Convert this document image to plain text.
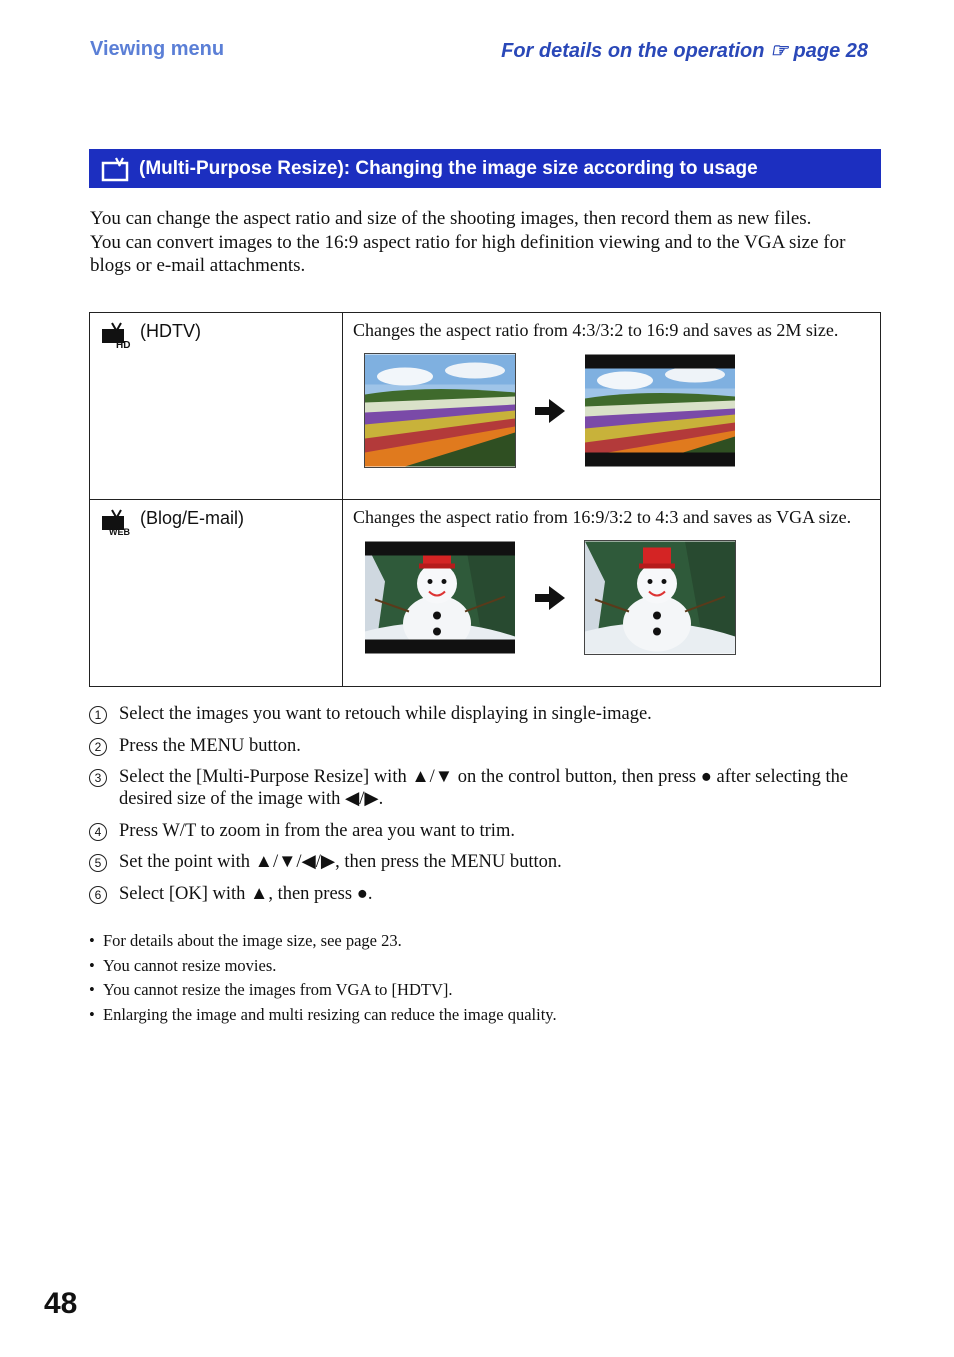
Viewing menu	For details on the operation ☞ page 28
(Multi-Purpose Resize): Changing the image size according to usage

You can change the aspect ratio and size of the shooting images, then record them as new files.

You can convert images to the 16:9 aspect ratio for high definition viewing and to the VGA size for blogs or e-mail attachments.

HD
(HDTV)	Changes the aspect ratio from 4:3/3:2 to 16:9 and saves as 2M size.

WEB
(Blog/E-mail)	Changes the aspect ratio from 16:9/3:2 to 4:3 and saves as VGA size.
1 Select the images you want to retouch while displaying in single-image.
2 Press the MENU button.
3 Select the [Multi-Purpose Resize] with ▲/▼ on the control button, then press ● after selecting the desired size of the image with ◀/▶.
4 Press W/T to zoom in from the area you want to trim.
5 Set the point with ▲/▼/◀/▶, then press the MENU button.
6 Select [OK] with ▲, then press ●.
• For details about the image size, see page 23.
• You cannot resize movies.
• You cannot resize the images from VGA to [HDTV].
• Enlarging the image and multi resizing can reduce the image quality.
48
